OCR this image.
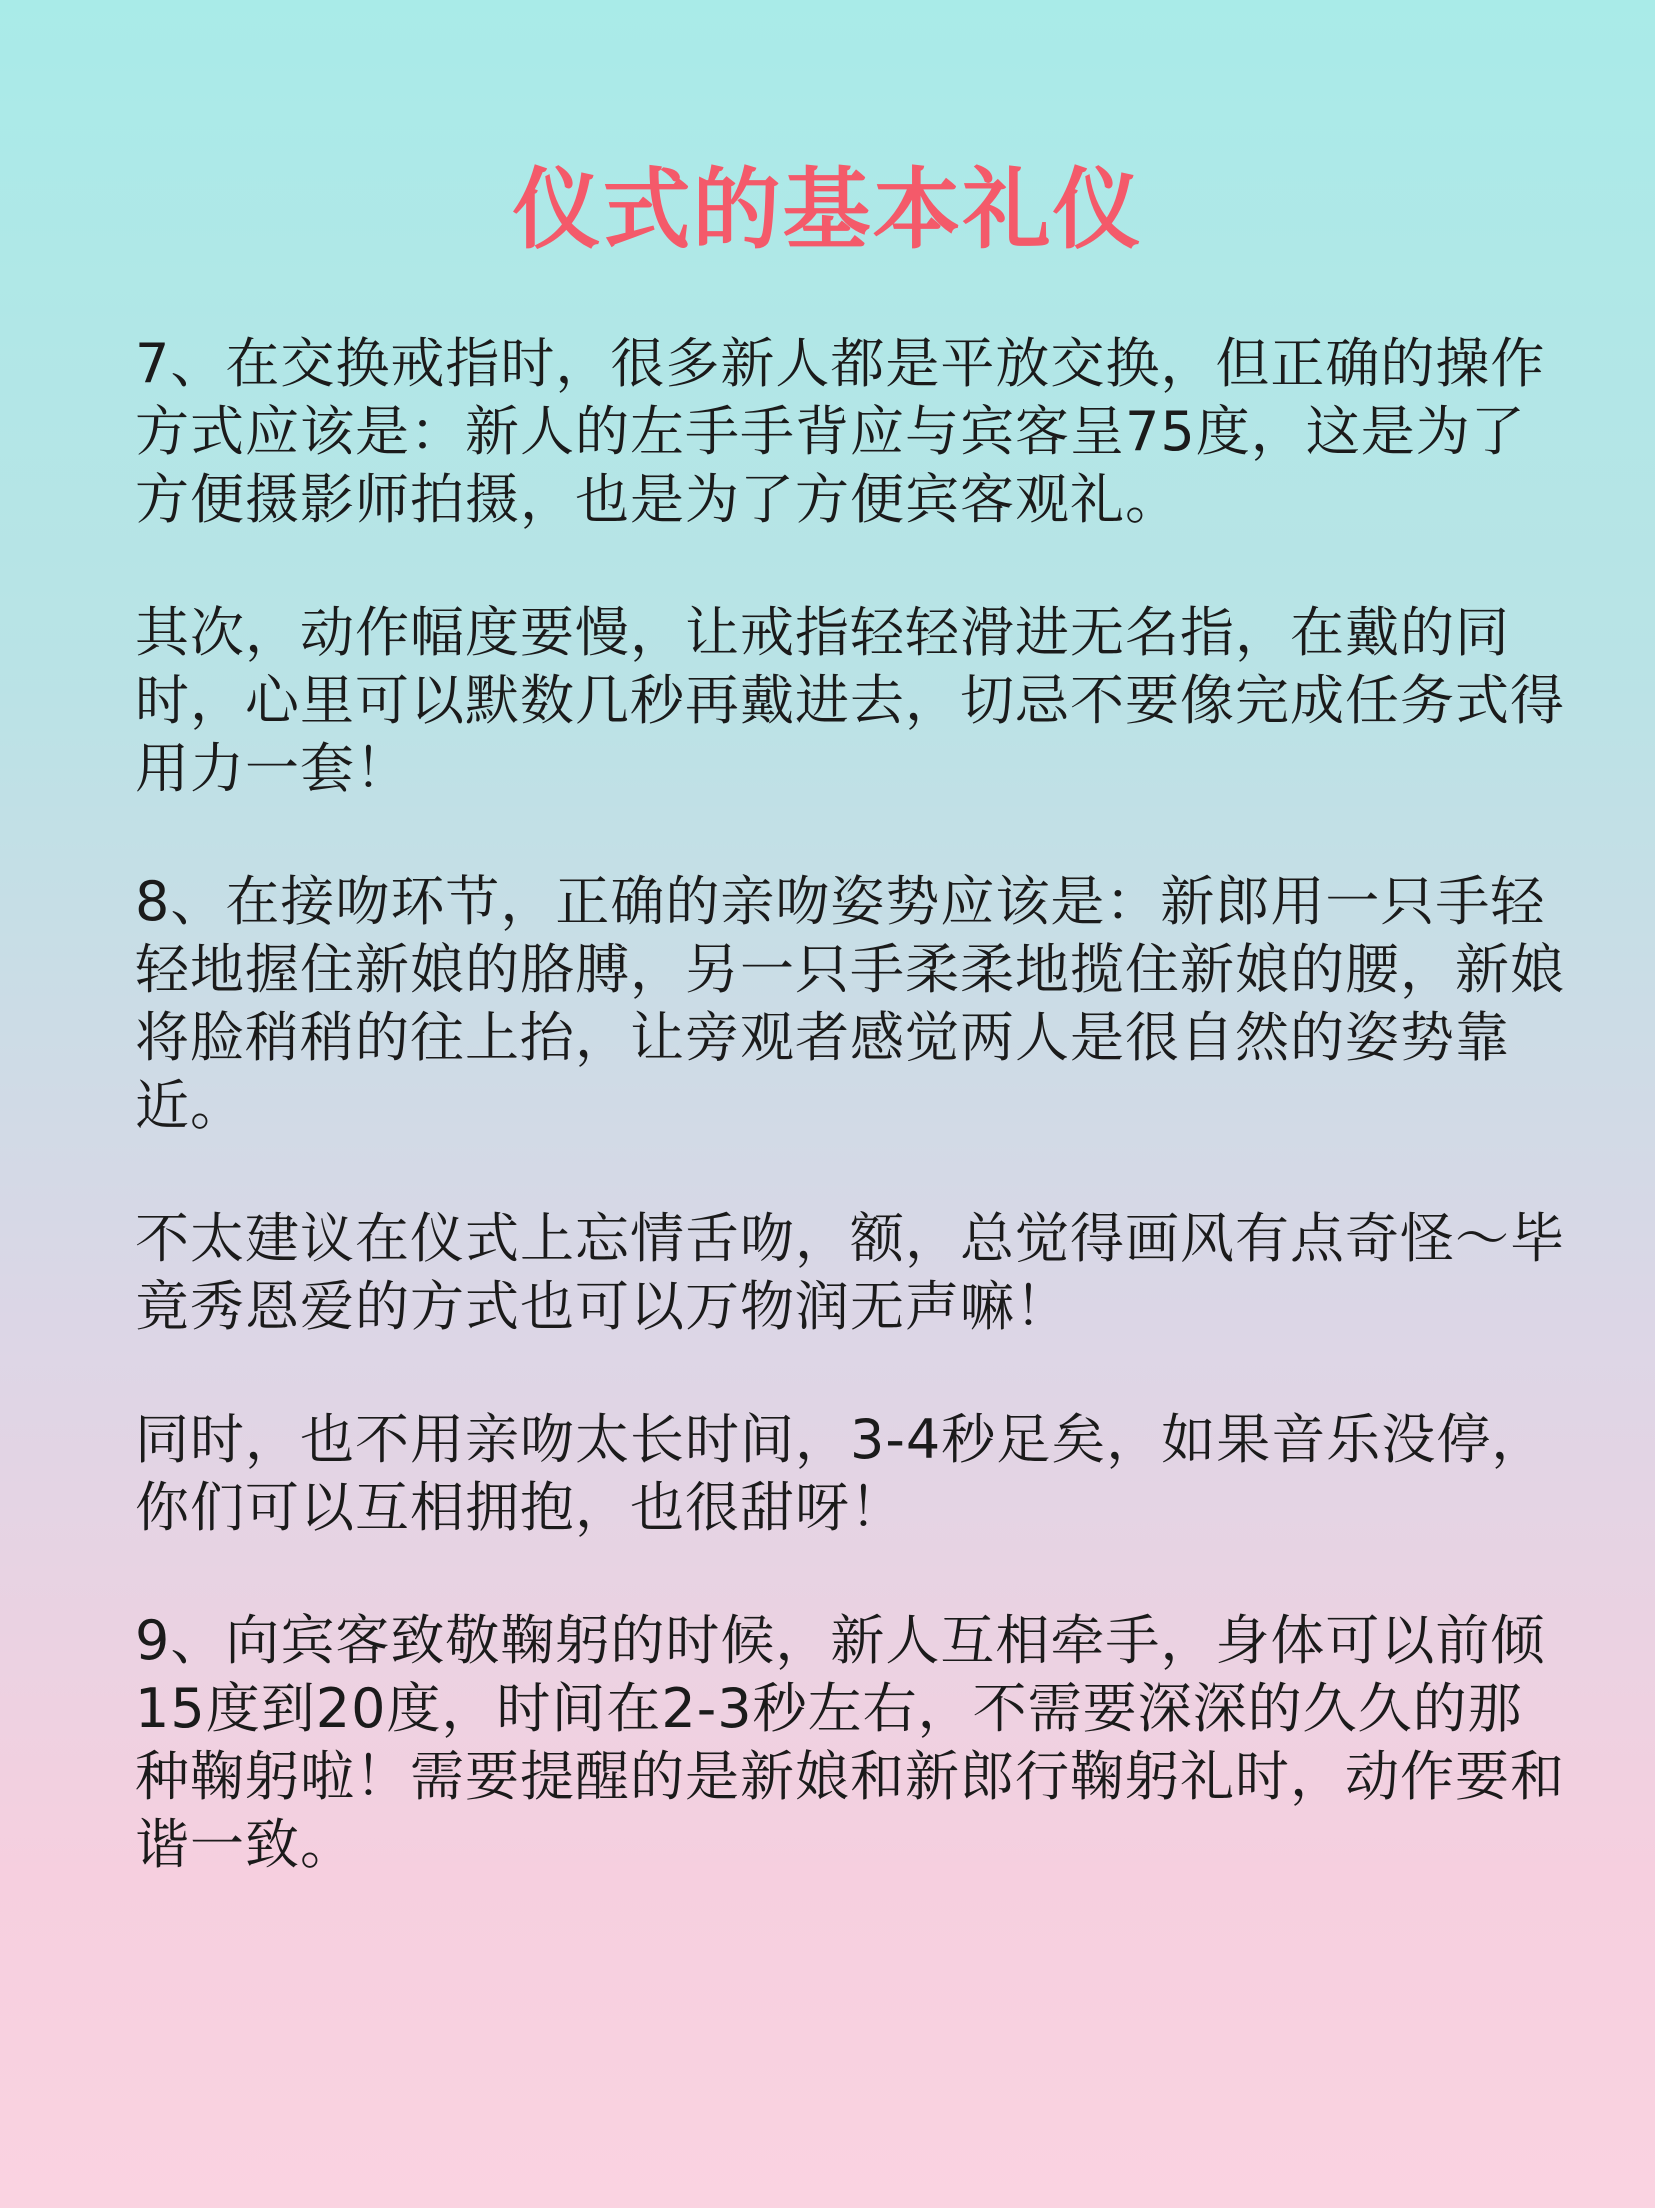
仪式的基本礼仪

7、在交换戒指时，很多新人都是平放交换，但正确的操作方式应该是：新人的左手手背应与宾客呈75度，这是为了方便摄影师拍摄，也是为了方便宾客观礼。

其次，动作幅度要慢，让戒指轻轻滑进无名指，在戴的同时，心里可以默数几秒再戴进去，切忌不要像完成任务式得用力一套！

8、在接吻环节，正确的亲吻姿势应该是：新郎用一只手轻轻地握住新娘的胳膊，另一只手柔柔地揽住新娘的腰，新娘将脸稍稍的往上抬，让旁观者感觉两人是很自然的姿势靠近。

不太建议在仪式上忘情舌吻，额，总觉得画风有点奇怪～毕竟秀恩爱的方式也可以万物润无声嘛！

同时，也不用亲吻太长时间，3-4秒足矣，如果音乐没停，你们可以互相拥抱，也很甜呀！

9、向宾客致敬鞠躬的时候，新人互相牵手，身体可以前倾15度到20度，时间在2-3秒左右，不需要深深的久久的那种鞠躬啦！需要提醒的是新娘和新郎行鞠躬礼时，动作要和谐一致。
